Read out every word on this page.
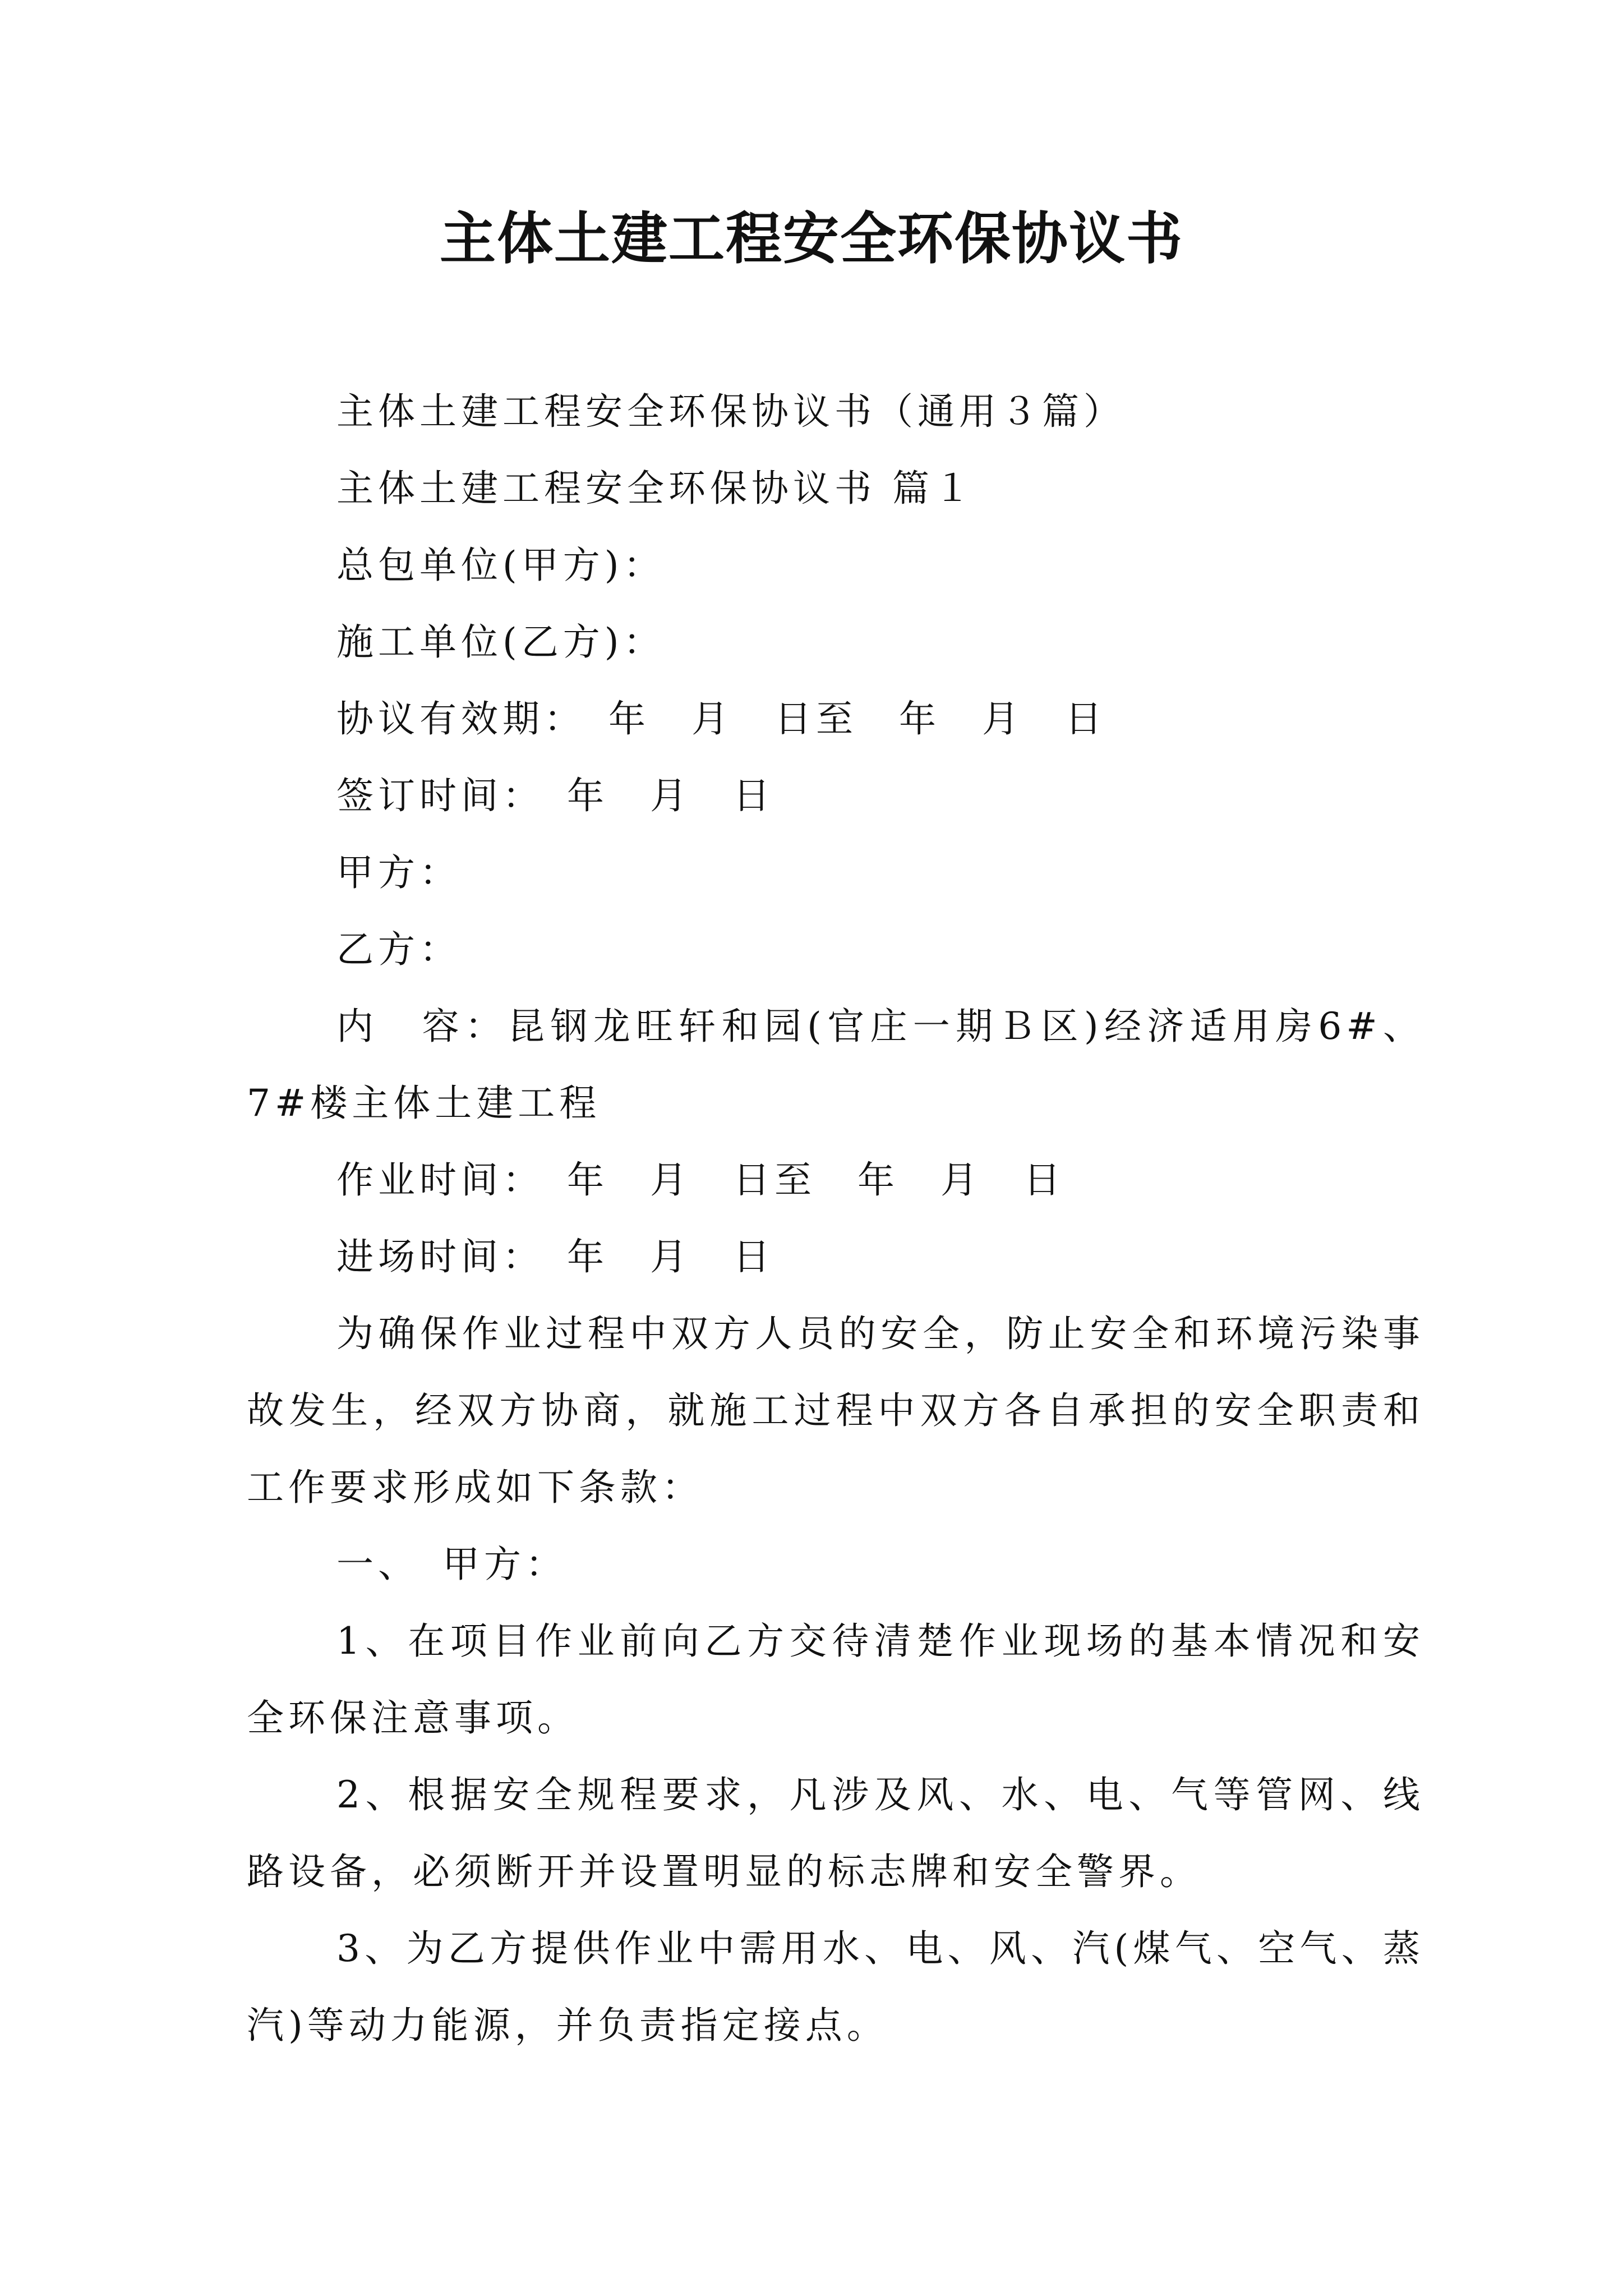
主体土建工程安全环保协议书

主体土建工程安全环保协议书（通用３篇）

主体土建工程安全环保协议书 篇１

总包单位(甲方)：

施工单位(乙方)：

协议有效期：　年　月　日至　年　月　日

签订时间：　年　月　日

甲方：

乙方：

内　容：昆钢龙旺轩和园(官庄一期Ｂ区)经济适用房6#、7#楼主体土建工程

作业时间：　年　月　日至　年　月　日

进场时间：　年　月　日

为确保作业过程中双方人员的安全，防止安全和环境污染事故发生，经双方协商，就施工过程中双方各自承担的安全职责和工作要求形成如下条款：

一、　甲方：

1、在项目作业前向乙方交待清楚作业现场的基本情况和安全环保注意事项。

2、根据安全规程要求，凡涉及风、水、电、气等管网、线路设备，必须断开并设置明显的标志牌和安全警界。

3、为乙方提供作业中需用水、电、风、汽(煤气、空气、蒸汽)等动力能源，并负责指定接点。
